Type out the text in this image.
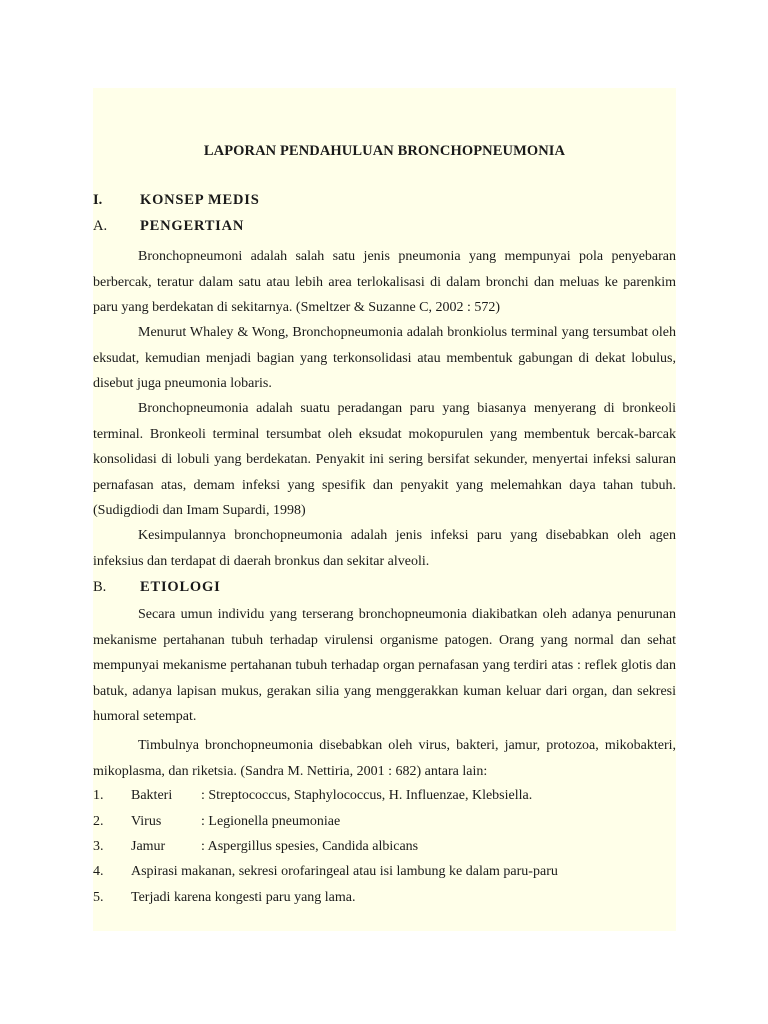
LAPORAN PENDAHULUAN BRONCHOPNEUMONIA
I.	KONSEP MEDIS
A.	PENGERTIAN

Bronchopneumoni adalah salah satu jenis pneumonia yang mempunyai pola penyebaran berbercak, teratur dalam satu atau lebih area terlokalisasi di dalam bronchi dan meluas ke parenkim paru yang berdekatan di sekitarnya. (Smeltzer & Suzanne C, 2002 : 572)

Menurut Whaley & Wong, Bronchopneumonia adalah bronkiolus terminal yang tersumbat oleh eksudat, kemudian menjadi bagian yang terkonsolidasi atau membentuk gabungan di dekat lobulus, disebut juga pneumonia lobaris.

Bronchopneumonia adalah suatu peradangan paru yang biasanya menyerang di bronkeoli terminal. Bronkeoli terminal tersumbat oleh eksudat mokopurulen yang membentuk bercak-barcak konsolidasi di lobuli yang berdekatan. Penyakit ini sering bersifat sekunder, menyertai infeksi saluran pernafasan atas, demam infeksi yang spesifik dan penyakit yang melemahkan daya tahan tubuh.(Sudigdiodi dan Imam Supardi, 1998)

Kesimpulannya bronchopneumonia adalah jenis infeksi paru yang disebabkan oleh agen infeksius dan terdapat di daerah bronkus dan sekitar alveoli.

B.	ETIOLOGI

Secara umun individu yang terserang bronchopneumonia diakibatkan oleh adanya penurunan mekanisme pertahanan tubuh terhadap virulensi organisme patogen. Orang yang normal dan sehat mempunyai mekanisme pertahanan tubuh terhadap organ pernafasan yang terdiri atas : reflek glotis dan batuk, adanya lapisan mukus, gerakan silia yang menggerakkan kuman keluar dari organ, dan sekresi humoral setempat.

Timbulnya bronchopneumonia disebabkan oleh virus, bakteri, jamur, protozoa, mikobakteri, mikoplasma, dan riketsia. (Sandra M. Nettiria, 2001 : 682) antara lain:

1.	Bakteri	: Streptococcus, Staphylococcus, H. Influenzae, Klebsiella.
2.	Virus	: Legionella pneumoniae
3.	Jamur	: Aspergillus spesies, Candida albicans
4.	Aspirasi makanan, sekresi orofaringeal atau isi lambung ke dalam paru-paru
5.	Terjadi karena kongesti paru yang lama.
